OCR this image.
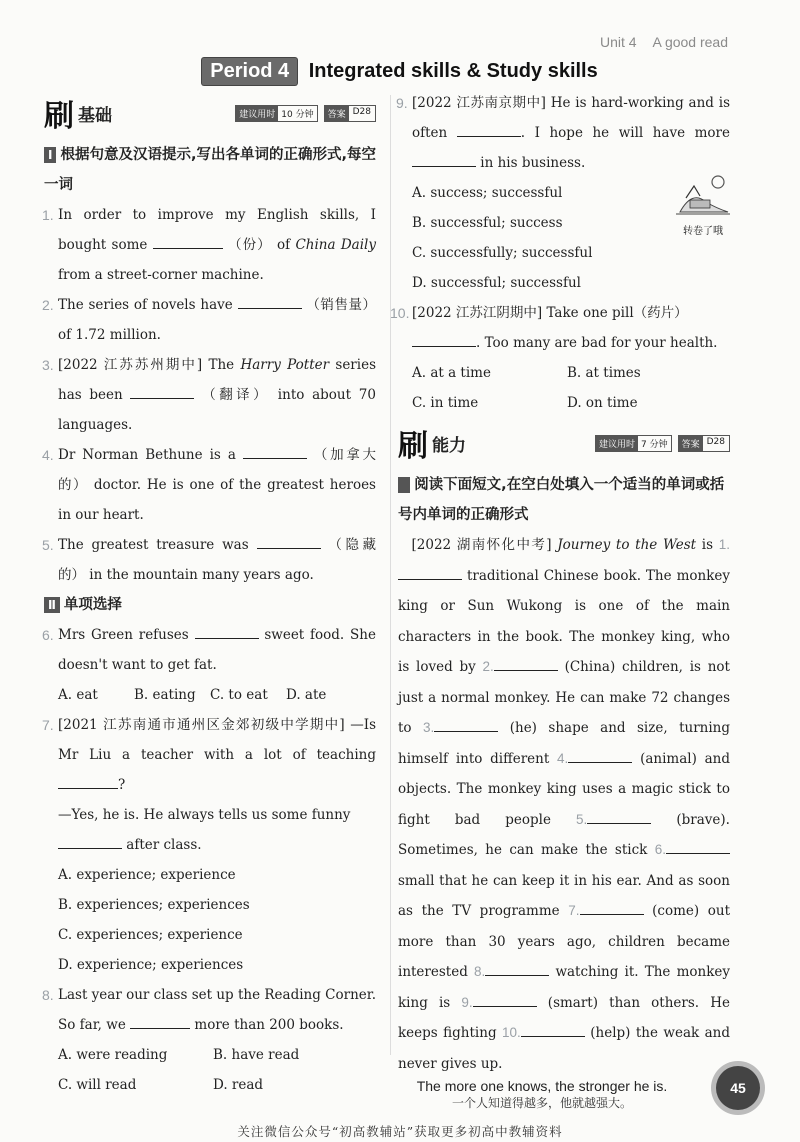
Unit 4 A good read
Period 4 Integrated skills & Study skills
刷 基础	建议用时 10 分钟	答案 D28
Ⅰ 根据句意及汉语提示,写出各单词的正确形式,每空一词
1. In order to improve my English skills, I bought some	（份） of China Daily from a street-corner machine.
2. The series of novels have	（销售量） of 1.72 million.
3. [2022 江苏苏州期中] The Harry Potter series has been	（翻译） into about 70 languages.
4. Dr Norman Bethune is a	（加拿大的） doctor. He is one of the greatest heroes in our heart.
5. The greatest treasure was	（隐藏的） in the mountain many years ago.
Ⅱ 单项选择
6. Mrs Green refuses	sweet food. She doesn't want to get fat.
A. eat	B. eating	C. to eat	D. ate
7. [2021 江苏南通市通州区金郊初级中学期中] —Is Mr Liu a teacher with a lot of teaching ?
—Yes, he is. He always tells us some funny
after class.
A. experience; experience
B. experiences; experiences
C. experiences; experience
D. experience; experiences
8. Last year our class set up the Reading Corner. So far, we	more than 200 books.
A. were reading	B. have read
C. will read	D. read
9. [2022 江苏南京期中] He is hard-working and is often	. I hope he will have more  in his business.
A. success; successful
B. successful; success
C. successfully; successful
D. successful; successful
转卷了哦
10. [2022 江苏江阴期中] Take one pill（药片）
. Too many are bad for your health.
A. at a time	B. at times
C. in time	D. on time
刷 能力	建议用时 7 分钟	答案 D28
阅读下面短文,在空白处填入一个适当的单词或括号内单词的正确形式
 [2022 湖南怀化中考] Journey to the West is 1. traditional Chinese book. The monkey king or Sun Wukong is one of the main characters in the book. The monkey king, who is loved by 2.	(China) children, is not just a normal monkey. He can make 72 changes to 3.	(he) shape and size, turning himself into different 4.	(animal) and objects. The monkey king uses a magic stick to fight bad people 5.	(brave). Sometimes, he can make the stick 6. small that he can keep it in his ear. And as soon as the TV programme 7.	(come) out more than 30 years ago, children became interested 8.	watching it. The monkey king is 9.	(smart) than others. He keeps fighting 10.	(help) the weak and never gives up.
The more one knows, the stronger he is.
一个人知道得越多，他就越强大。
45
关注微信公众号“初高教辅站”获取更多初高中教辅资料
